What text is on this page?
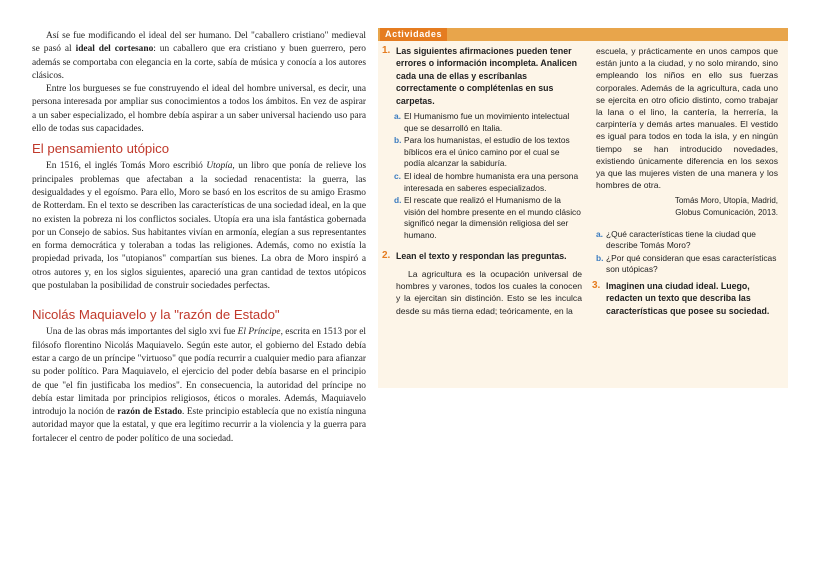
Así se fue modificando el ideal del ser humano. Del "caballero cristiano" medieval se pasó al ideal del cortesano: un caballero que era cristiano y buen guerrero, pero además se comportaba con elegancia en la corte, sabía de música y conocía a los autores clásicos.

Entre los burgueses se fue construyendo el ideal del hombre universal, es decir, una persona interesada por ampliar sus conocimientos a todos los ámbitos. En vez de aspirar a un saber especializado, el hombre debía aspirar a un saber universal haciendo uso para ello de todas sus capacidades.

El pensamiento utópico

En 1516, el inglés Tomás Moro escribió Utopía, un libro que ponía de relieve los principales problemas que afectaban a la sociedad renacentista: la guerra, las desigualdades y el egoísmo. Para ello, Moro se basó en los escritos de su amigo Erasmo de Rotterdam. En el texto se describen las características de una sociedad ideal, en la que no existen la pobreza ni los conflictos sociales. Utopía era una isla fantástica gobernada por un Consejo de sabios. Sus habitantes vivían en armonía, elegían a sus representantes en forma democrática y toleraban a todas las religiones. Además, como no existía la propiedad privada, los "utopianos" compartían sus bienes. La obra de Moro inspiró a otros autores y, en los siglos siguientes, apareció una gran cantidad de textos utópicos que postulaban la posibilidad de construir sociedades perfectas.

Nicolás Maquiavelo y la "razón de Estado"

Una de las obras más importantes del siglo xvi fue El Príncipe, escrita en 1513 por el filósofo florentino Nicolás Maquiavelo. Según este autor, el gobierno del Estado debía estar a cargo de un príncipe "virtuoso" que podía recurrir a cualquier medio para afianzar su poder político. Para Maquiavelo, el ejercicio del poder debía basarse en el principio de que "el fin justificaba los medios". En consecuencia, la autoridad del príncipe no debía estar limitada por principios religiosos, éticos o morales. Además, Maquiavelo introdujo la noción de razón de Estado. Este principio establecía que no existía ninguna autoridad mayor que la estatal, y que era legítimo recurrir a la violencia y la guerra para fortalecer el centro de poder político de una sociedad.

Actividades
1. Las siguientes afirmaciones pueden tener errores o información incompleta. Analicen cada una de ellas y escríbanlas correctamente o complétenlas en sus carpetas.
a. El Humanismo fue un movimiento intelectual que se desarrolló en Italia.
b. Para los humanistas, el estudio de los textos bíblicos era el único camino por el cual se podía alcanzar la sabiduría.
c. El ideal de hombre humanista era una persona interesada en saberes especializados.
d. El rescate que realizó el Humanismo de la visión del hombre presente en el mundo clásico significó negar la dimensión religiosa del ser humano.
2. Lean el texto y respondan las preguntas.
La agricultura es la ocupación universal de hombres y varones, todos los cuales la conocen y la ejercitan sin distinción. Esto se les inculca desde su más tierna edad; teóricamente, en la
escuela, y prácticamente en unos campos que están junto a la ciudad, y no solo mirando, sino empleando los niños en ello sus fuerzas corporales. Además de la agricultura, cada uno se ejercita en otro oficio distinto, como trabajar la lana o el lino, la cantería, la herrería, la carpintería y demás artes manuales. El vestido es igual para todos en toda la isla, y en ningún tiempo se han introducido novedades, existiendo únicamente diferencia en los sexos ya que las mujeres visten de una manera y los hombres de otra.
Tomás Moro, Utopía, Madrid,
Globus Comunicación, 2013.
a. ¿Qué características tiene la ciudad que describe Tomás Moro?
b. ¿Por qué consideran que esas características son utópicas?
3. Imaginen una ciudad ideal. Luego, redacten un texto que describa las características que posee su sociedad.
